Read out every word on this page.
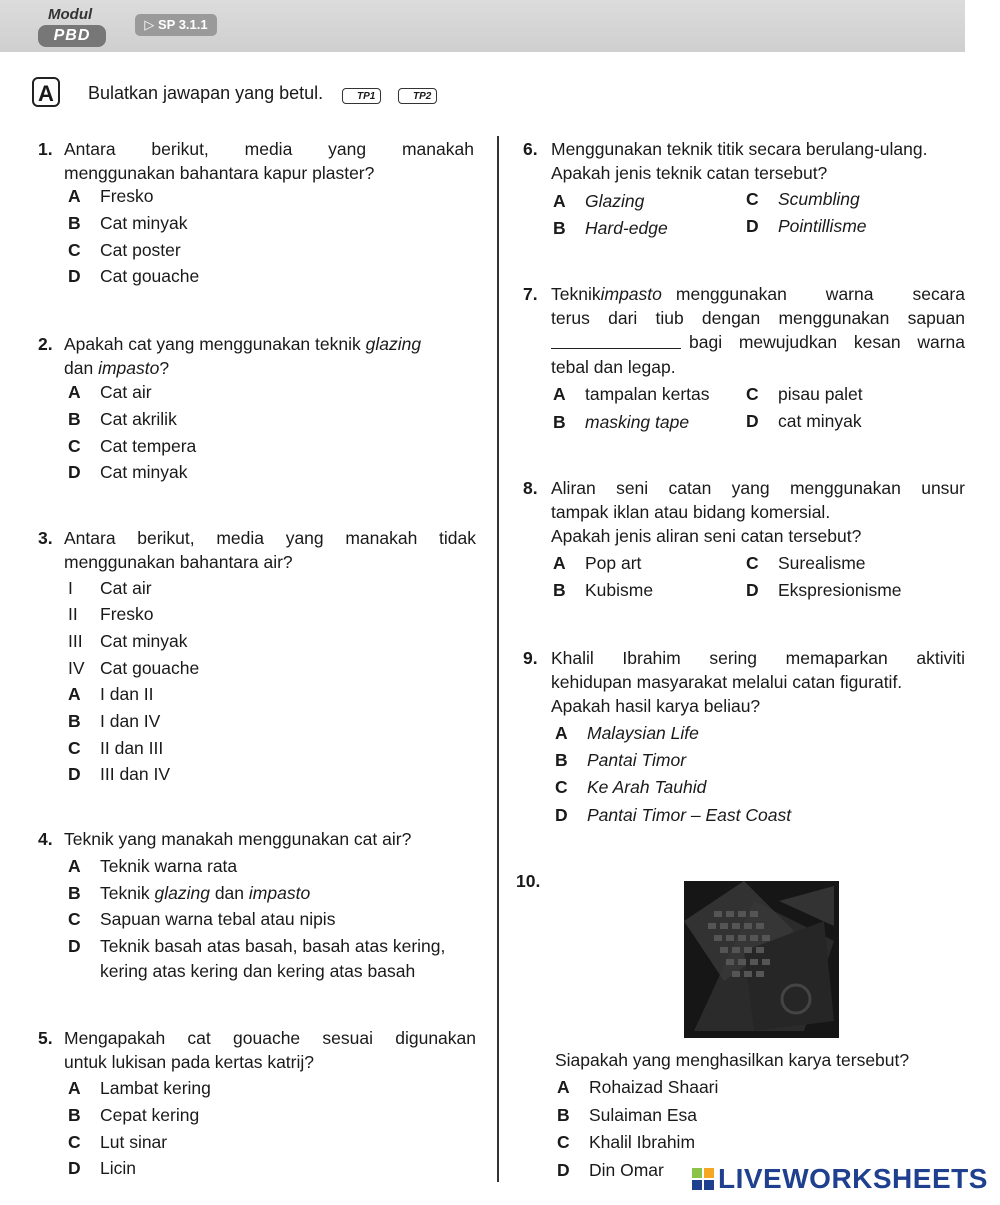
Modul
PBD
▷ SP 3.1.1
A	Bulatkan jawapan yang betul.	TP1	TP2
1. Antara berikut, media yang manakah
menggunakan bahantara kapur plaster?
A Fresko
B Cat minyak
C Cat poster
D Cat gouache
2. Apakah cat yang menggunakan teknik glazing
dan impasto?
A Cat air
B Cat akrilik
C Cat tempera
D Cat minyak
3. Antara berikut, media yang manakah tidak
menggunakan bahantara air?
I Cat air
II Fresko
III Cat minyak
IV Cat gouache
A I dan II
B I dan IV
C II dan III
D III dan IV
4. Teknik yang manakah menggunakan cat air?
A Teknik warna rata
B Teknik glazing dan impasto
C Sapuan warna tebal atau nipis
D Teknik basah atas basah, basah atas kering,
kering atas kering dan kering atas basah
5. Mengapakah cat gouache sesuai digunakan
untuk lukisan pada kertas katrij?
A Lambat kering
B Cepat kering
C Lut sinar
D Licin
6. Menggunakan teknik titik secara berulang-ulang.
Apakah jenis teknik catan tersebut?
A Glazing
B Hard-edge
C Scumbling
D Pointillisme
7. Teknik impasto menggunakan warna secara
terus dari tiub dengan menggunakan sapuan
bagi mewujudkan kesan warna
tebal dan legap.
A tampalan kertas
B masking tape
C pisau palet
D cat minyak
8. Aliran seni catan yang menggunakan unsur
tampak iklan atau bidang komersial.
Apakah jenis aliran seni catan tersebut?
A Pop art
B Kubisme
C Surealisme
D Ekspresionisme
9. Khalil Ibrahim sering memaparkan aktiviti
kehidupan masyarakat melalui catan figuratif.
Apakah hasil karya beliau?
A Malaysian Life
B Pantai Timor
C Ke Arah Tauhid
D Pantai Timor – East Coast
10.
Siapakah yang menghasilkan karya tersebut?
A Rohaizad Shaari
B Sulaiman Esa
C Khalil Ibrahim
D Din Omar	LIVEWORKSHEETS
